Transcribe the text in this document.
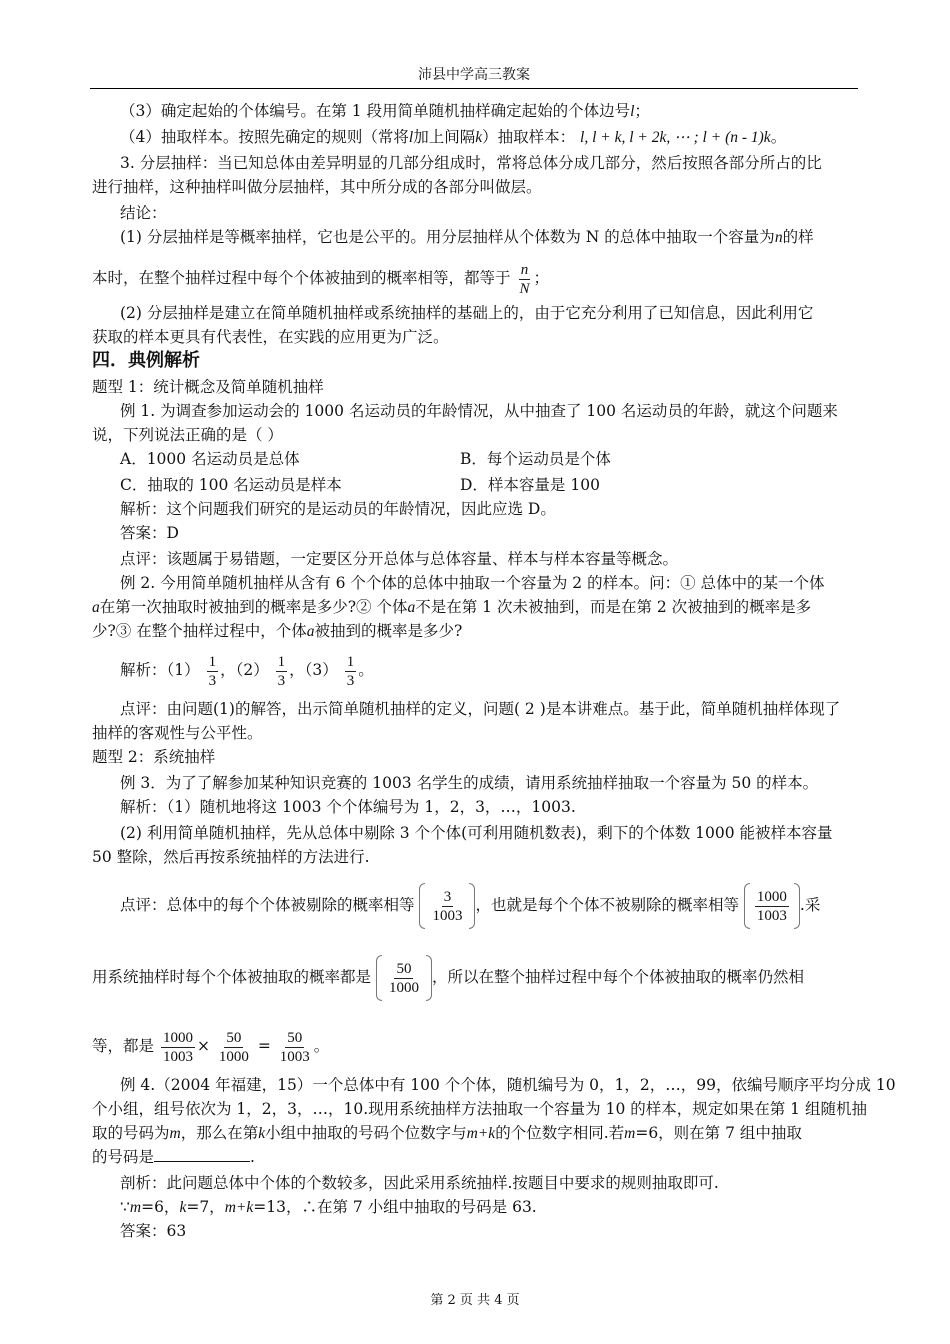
沛县中学高三教案
（3）确定起始的个体编号。在第 1 段用简单随机抽样确定起始的个体边号l；
（4）抽取样本。按照先确定的规则（常将l加上间隔k）抽取样本： l, l + k, l + 2k, ⋯ ; l + (n - 1)k。
3. 分层抽样：当已知总体由差异明显的几部分组成时，常将总体分成几部分，然后按照各部分所占的比
进行抽样，这种抽样叫做分层抽样，其中所分成的各部分叫做层。
结论：
(1) 分层抽样是等概率抽样，它也是公平的。用分层抽样从个体数为 N 的总体中抽取一个容量为n的样
本时，在整个抽样过程中每个个体被抽到的概率相等，都等于 $\frac{n}{N}$ ；
(2) 分层抽样是建立在简单随机抽样或系统抽样的基础上的，由于它充分利用了已知信息，因此利用它
获取的样本更具有代表性，在实践的应用更为广泛。
四．典例解析
题型 1：统计概念及简单随机抽样
例 1. 为调查参加运动会的 1000 名运动员的年龄情况，从中抽查了 100 名运动员的年龄，就这个问题来
说，下列说法正确的是（ ）
A．1000 名运动员是总体	B．每个运动员是个体
C．抽取的 100 名运动员是样本	D．样本容量是 100
解析：这个问题我们研究的是运动员的年龄情况，因此应选 D。
答案：D
点评：该题属于易错题，一定要区分开总体与总体容量、样本与样本容量等概念。
例 2. 今用简单随机抽样从含有 6 个个体的总体中抽取一个容量为 2 的样本。问：① 总体中的某一个体
a在第一次抽取时被抽到的概率是多少?② 个体a不是在第 1 次未被抽到，而是在第 2 次被抽到的概率是多
少?③ 在整个抽样过程中，个体a被抽到的概率是多少?
解析：$(1) \frac{1}{3}$ ，$(2) \frac{1}{3}$ ，$(3) \frac{1}{3}$ 。
点评：由问题(1)的解答，出示简单随机抽样的定义，问题( 2 )是本讲难点。基于此，简单随机抽样体现了
抽样的客观性与公平性。
题型 2：系统抽样
例 3．为了了解参加某种知识竞赛的 1003 名学生的成绩，请用系统抽样抽取一个容量为 50 的样本。
解析：（1）随机地将这 1003 个个体编号为 1，2，3，…，1003.
(2) 利用简单随机抽样，先从总体中剔除 3 个个体(可利用随机数表)，剩下的个体数 1000 能被样本容量
50 整除，然后再按系统抽样的方法进行.
点评：总体中的每个个体被剔除的概率相等 $\frac{3}{1003}$ ，也就是每个个体不被剔除的概率相等 $\frac{1000}{1003}$ .采
用系统抽样时每个个体被抽取的概率都是 $\frac{50}{1000}$ ，所以在整个抽样过程中每个个体被抽取的概率仍然相
等，都是 $\frac{1000}{1003} \times \frac{50}{1000} = \frac{50}{1003}$ 。
例 4.（2004 年福建，15）一个总体中有 100 个个体，随机编号为 0，1，2，…，99，依编号顺序平均分成 10
个小组，组号依次为 1，2，3，…，10.现用系统抽样方法抽取一个容量为 10 的样本，规定如果在第 1 组随机抽
取的号码为m，那么在第k小组中抽取的号码个位数字与m+k的个位数字相同.若m=6，则在第 7 组中抽取
的号码是	.
剖析：此问题总体中个体的个数较多，因此采用系统抽样.按题目中要求的规则抽取即可.
∵m=6，k=7，m+k=13，∴在第 7 小组中抽取的号码是 63.
答案：63
第 2 页 共 4 页
